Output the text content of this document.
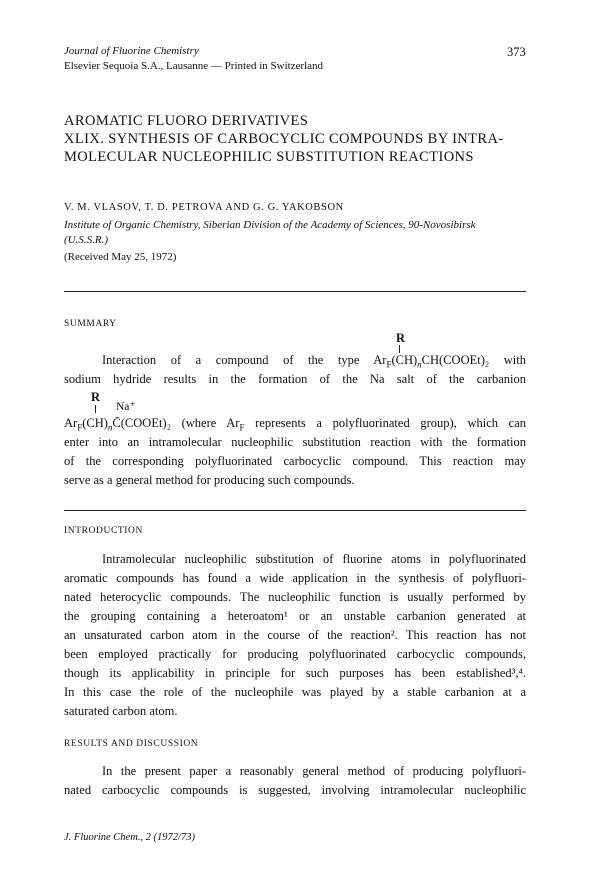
Journal of Fluorine Chemistry
Elsevier Sequoia S.A., Lausanne — Printed in Switzerland
373
AROMATIC FLUORO DERIVATIVES
XLIX. SYNTHESIS OF CARBOCYCLIC COMPOUNDS BY INTRA-
MOLECULAR NUCLEOPHILIC SUBSTITUTION REACTIONS
V. M. VLASOV, T. D. PETROVA AND G. G. YAKOBSON
Institute of Organic Chemistry, Siberian Division of the Academy of Sciences, 90-Novosibirsk
(U.S.S.R.)
(Received May 25, 1972)
SUMMARY
R
Interaction of a compound of the type $Ar_F(CH)_nCH(COOEt)_2$ with
sodium hydride results in the formation of the Na salt of the carbanion
R
Na⁺
$Ar_F(CH)_nC̄(COOEt)_2$ (where $Ar_F$ represents a polyfluorinated group), which can
enter into an intramolecular nucleophilic substitution reaction with the formation
of the corresponding polyfluorinated carbocyclic compound. This reaction may
serve as a general method for producing such compounds.
INTRODUCTION
Intramolecular nucleophilic substitution of fluorine atoms in polyfluorinated
aromatic compounds has found a wide application in the synthesis of polyfluori-
nated heterocyclic compounds. The nucleophilic function is usually performed by
the grouping containing a heteroatom¹ or an unstable carbanion generated at
an unsaturated carbon atom in the course of the reaction². This reaction has not
been employed practically for producing polyfluorinated carbocyclic compounds,
though its applicability in principle for such purposes has been established³,⁴.
In this case the role of the nucleophile was played by a stable carbanion at a
saturated carbon atom.
RESULTS AND DISCUSSION
In the present paper a reasonably general method of producing polyfluori-
nated carbocyclic compounds is suggested, involving intramolecular nucleophilic
J. Fluorine Chem., 2 (1972/73)
